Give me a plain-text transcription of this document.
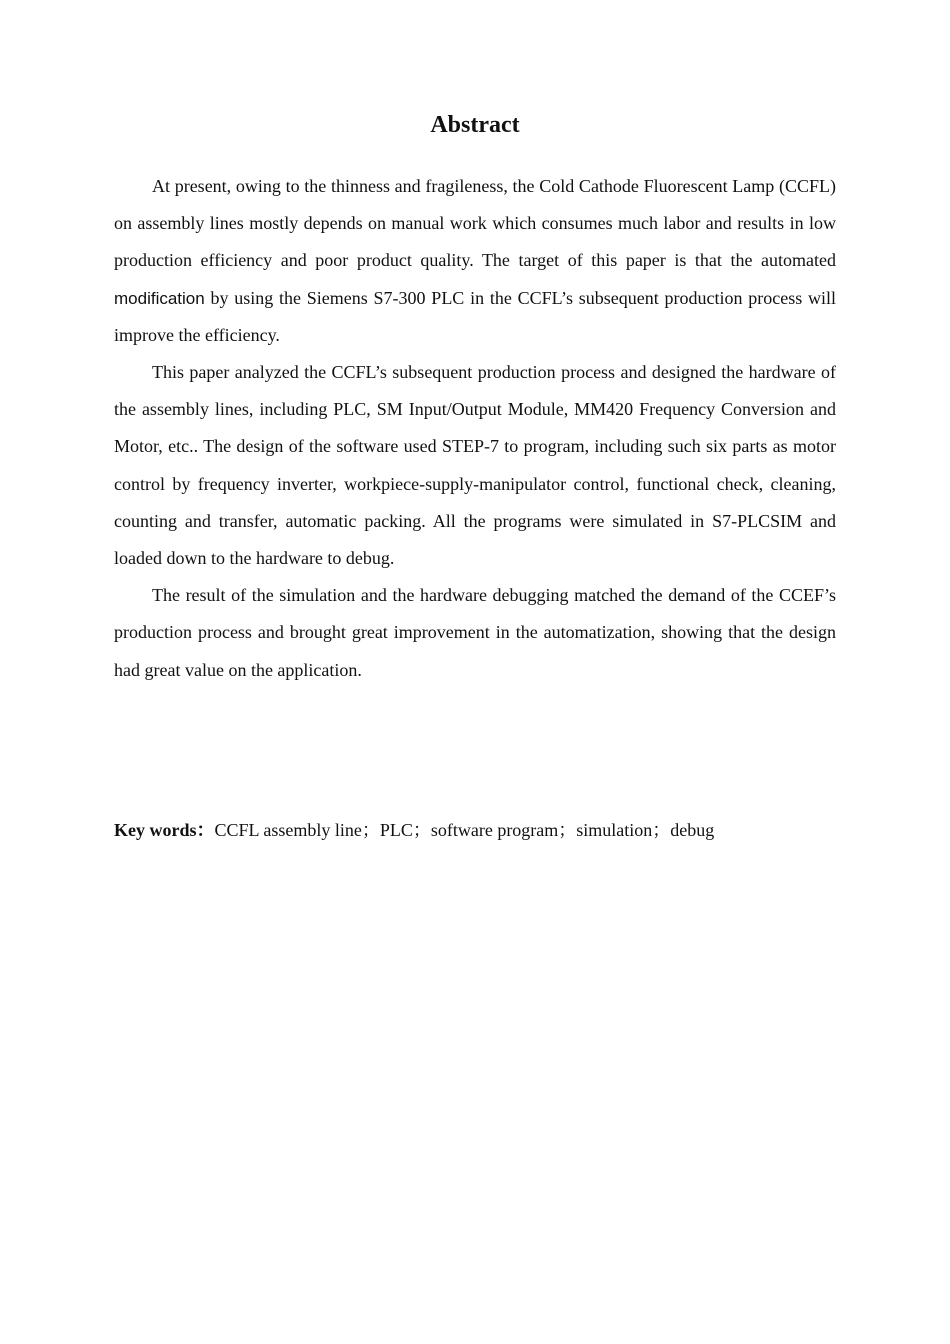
Abstract

At present, owing to the thinness and fragileness, the Cold Cathode Fluorescent Lamp (CCFL) on assembly lines mostly depends on manual work which consumes much labor and results in low production efficiency and poor product quality. The target of this paper is that the automated modification by using the Siemens S7-300 PLC in the CCFL’s subsequent production process will improve the efficiency.

This paper analyzed the CCFL’s subsequent production process and designed the hardware of the assembly lines, including PLC, SM Input/Output Module, MM420 Frequency Conversion and Motor, etc.. The design of the software used STEP-7 to program, including such six parts as motor control by frequency inverter, workpiece-supply-manipulator control, functional check, cleaning, counting and transfer, automatic packing. All the programs were simulated in S7-PLCSIM and loaded down to the hardware to debug.

The result of the simulation and the hardware debugging matched the demand of the CCEF’s production process and brought great improvement in the automatization, showing that the design had great value on the application.

Key words：CCFL assembly line；PLC；software program；simulation；debug
